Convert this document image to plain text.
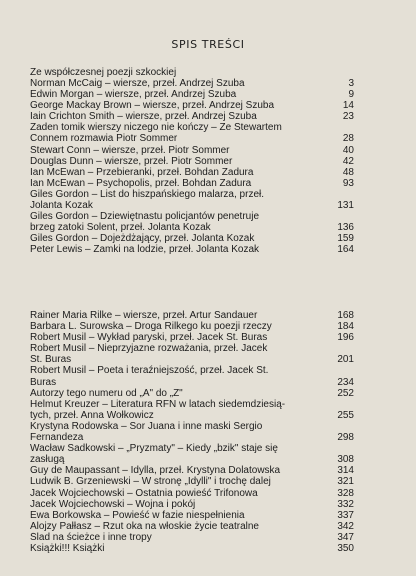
SPIS TREŚCI
Ze współczesnej poezji szkockiej
Norman McCaig – wiersze, przeł. Andrzej Szuba	3
Edwin Morgan – wiersze, przeł. Andrzej Szuba	9
George Mackay Brown – wiersze, przeł. Andrzej Szuba	14
Iain Crichton Smith – wiersze, przeł. Andrzej Szuba	23
Żaden tomik wierszy niczego nie kończy – Ze Stewartem
Connem rozmawia Piotr Sommer	28
Stewart Conn – wiersze, przeł. Piotr Sommer	40
Douglas Dunn – wiersze, przeł. Piotr Sommer	42
Ian McEwan – Przebieranki, przeł. Bohdan Zadura	48
Ian McEwan – Psychopolis, przeł. Bohdan Zadura	93
Giles Gordon – List do hiszpańskiego malarza, przeł.
Jolanta Kozak	131
Giles Gordon – Dziewiętnastu policjantów penetruje
brzeg zatoki Solent, przeł. Jolanta Kozak	136
Giles Gordon – Dojeżdżający, przeł. Jolanta Kozak	159
Peter Lewis – Zamki na lodzie, przeł. Jolanta Kozak	164
Rainer Maria Rilke – wiersze, przeł. Artur Sandauer	168
Barbara L. Surowska – Droga Rilkego ku poezji rzeczy	184
Robert Musil – Wykład paryski, przeł. Jacek St. Buras	196
Robert Musil – Nieprzyjazne rozważania, przeł. Jacek
St. Buras	201
Robert Musil – Poeta i teraźniejszość, przeł. Jacek St.
Buras	234
Autorzy tego numeru od „A" do „Z"	252
Helmut Kreuzer – Literatura RFN w latach siedemdziesią-
tych, przeł. Anna Wołkowicz	255
Krystyna Rodowska – Sor Juana i inne maski Sergio
Fernandeza	298
Wacław Sadkowski – „Pryzmaty" – Kiedy „bzik" staje się
zasługą	308
Guy de Maupassant – Idylla, przeł. Krystyna Dolatowska	314
Ludwik B. Grzeniewski – W stronę „Idylli" i trochę dalej	321
Jacek Wojciechowski – Ostatnia powieść Trifonowa	328
Jacek Wojciechowski – Wojna i pokój	332
Ewa Borkowska – Powieść w fazie niespełnienia	337
Alojzy Pałłasz – Rzut oka na włoskie życie teatralne	342
Ślad na ścieżce i inne tropy	347
Książki!!! Książki	350
